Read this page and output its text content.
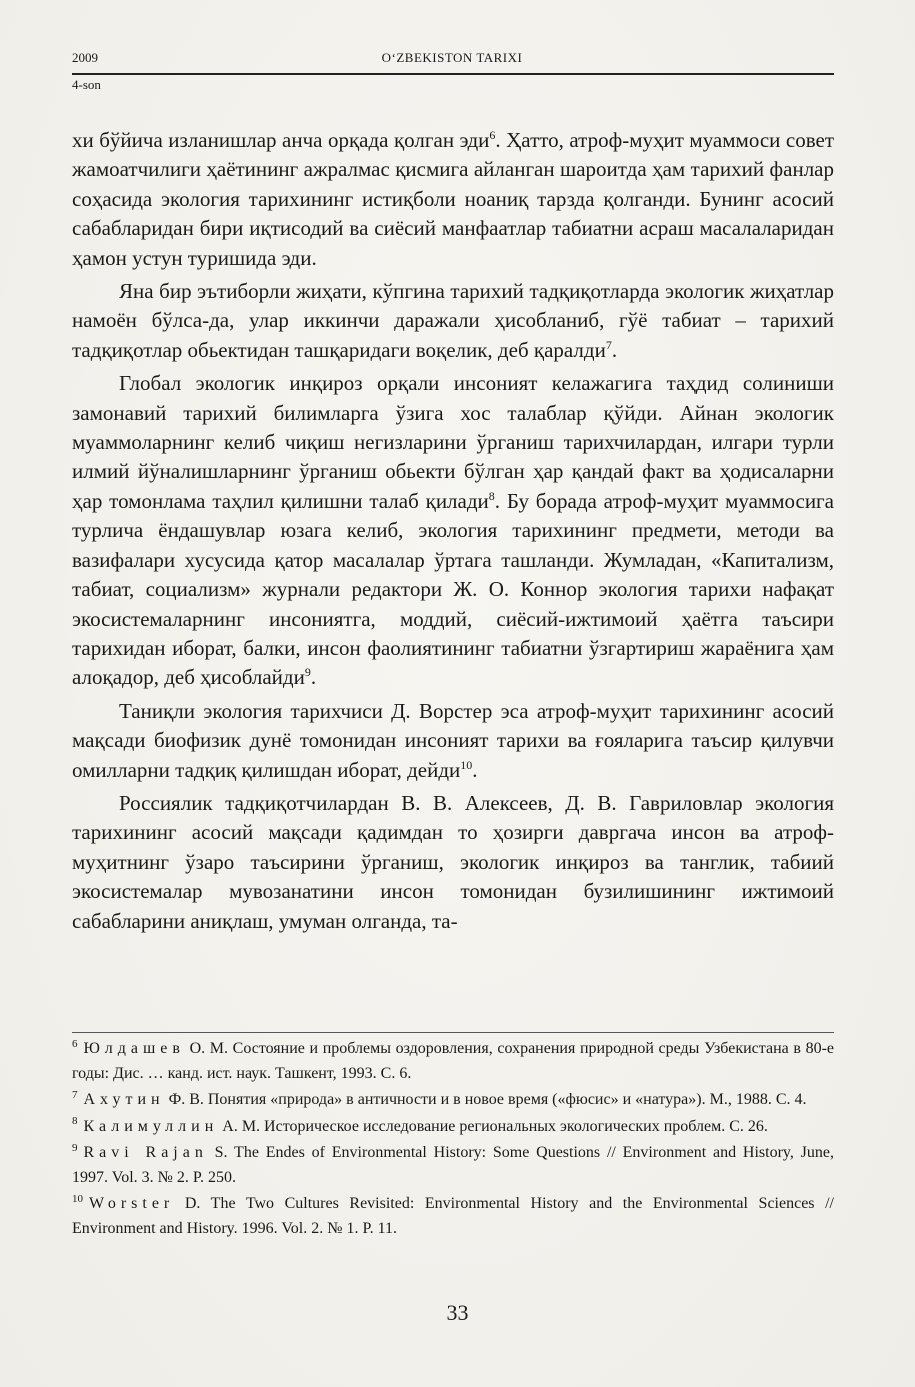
2009	O‘ZBEKISTON TARIXI
4-son

хи бўйича изланишлар анча орқада қолган эди$^6$. Ҳатто, атроф-муҳит муаммоси совет жамоатчилиги ҳаётининг ажралмас қисмига айланган шароитда ҳам тарихий фанлар соҳасида экология тарихининг истиқболи ноаниқ тарзда қолганди. Бунинг асосий сабабларидан бири иқтисодий ва сиёсий манфаатлар табиатни асраш масалаларидан ҳамон устун туришида эди.

Яна бир эътиборли жиҳати, кўпгина тарихий тадқиқотларда экологик жиҳатлар намоён бўлса-да, улар иккинчи даражали ҳисобланиб, гўё табиат – тарихий тадқиқотлар обьектидан ташқаридаги воқелик, деб қаралди$^7$.

Глобал экологик инқироз орқали инсоният келажагига таҳдид солиниши замонавий тарихий билимларга ўзига хос талаблар қўйди. Айнан экологик муаммоларнинг келиб чиқиш негизларини ўрганиш тарихчилардан, илгари турли илмий йўналишларнинг ўрганиш обьекти бўлган ҳар қандай факт ва ҳодисаларни ҳар томонлама таҳлил қилишни талаб қилади$^8$. Бу борада атроф-муҳит муаммосига турлича ёндашувлар юзага келиб, экология тарихининг предмети, методи ва вазифалари хусусида қатор масалалар ўртага ташланди. Жумладан, «Капитализм, табиат, социализм» журнали редактори Ж. О. Коннор экология тарихи нафақат экосистемаларнинг инсониятга, моддий, сиёсий-ижтимоий ҳаётга таъсири тарихидан иборат, балки, инсон фаолиятининг табиатни ўзгартириш жараёнига ҳам алоқадор, деб ҳисоблайди$^9$.

Таниқли экология тарихчиси Д. Ворстер эса атроф-муҳит тарихининг асосий мақсади биофизик дунё томонидан инсоният тарихи ва ғояларига таъсир қилувчи омилларни тадқиқ қилишдан иборат, дейди$^{10}$.

Россиялик тадқиқотчилардан В. В. Алексеев, Д. В. Гавриловлар экология тарихининг асосий мақсади қадимдан то ҳозирги давргача инсон ва атроф-муҳитнинг ўзаро таъсирини ўрганиш, экологик инқироз ва танглик, табиий экосистемалар мувозанатини инсон томонидан бузилишининг ижтимоий сабабларини аниқлаш, умуман олганда, та-

$^6$ Юлдашев О. М. Состояние и проблемы оздоровления, сохранения природной среды Узбекистана в 80-е годы: Дис. … канд. ист. наук. Ташкент, 1993. С. 6.

$^7$ Ахутин Ф. В. Понятия «природа» в античности и в новое время («фюсис» и «натура»). М., 1988. С. 4.

$^8$ Калимуллин А. М. Историческое исследование региональных экологических проблем. С. 26.

$^9$ Ravi Rajan S. The Endes of Environmental History: Some Questions // Environment and History, June, 1997. Vol. 3. № 2. P. 250.

$^{10}$ Worster D. The Two Cultures Revisited: Environmental History and the Environmental Sciences // Environment and History. 1996. Vol. 2. № 1. P. 11.

33
